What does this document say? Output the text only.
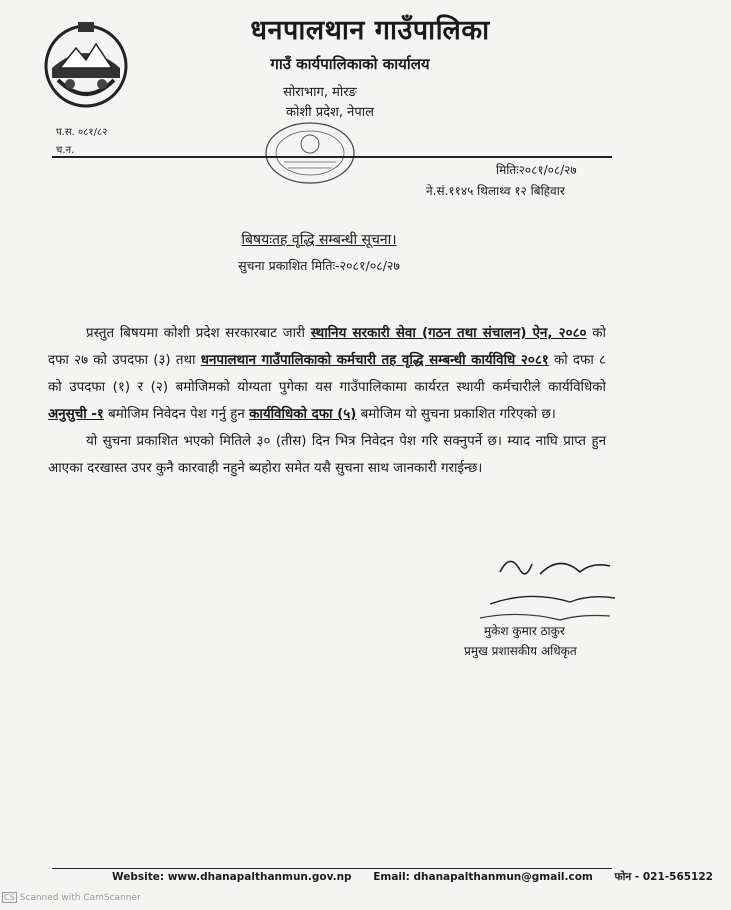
धनपालथान गाउँपालिका
गाउँ कार्यपालिकाको कार्यालय
सोराभाग, मोरङ
कोशी प्रदेश, नेपाल
प.स. ०८१/८२
च.न.
मितिः२०८१/०८/२७
ने.सं.११४५ थिलाथ्व १२ बिहिवार
बिषयःतह वृद्धि सम्बन्धी सूचना।
सुचना प्रकाशित मितिः-२०८१/०८/२७

प्रस्तुत बिषयमा कोशी प्रदेश सरकारबाट जारी स्थानिय सरकारी सेवा (गठन तथा संचालन) ऐन, २०८० को दफा २७ को उपदफा (३) तथा धनपालथान गाउँपालिकाको कर्मचारी तह वृद्धि सम्बन्धी कार्यविधि २०८१ को दफा ८ को उपदफा (१) र (२) बमोजिमको योग्यता पुगेका यस गाउँपालिकामा कार्यरत स्थायी कर्मचारीले कार्यविधिको अनुसुची -१ बमोजिम निवेदन पेश गर्नु हुन कार्यविधिको दफा (५) बमोजिम यो सुचना प्रकाशित गरिएको छ।

यो सुचना प्रकाशित भएको मितिले ३० (तीस) दिन भित्र निवेदन पेश गरि सक्नुपर्ने छ। म्याद नाघि प्राप्त हुन आएका दरखास्त उपर कुनै कारवाही नहुने ब्यहोरा समेत यसै सुचना साथ जानकारी गराईन्छ।

मुकेश कुमार ठाकुर
प्रमुख प्रशासकीय अधिकृत
Website: www.dhanapalthanmun.gov.np Email: dhanapalthanmun@gmail.com फोन - 021-565122
CS Scanned with CamScanner
